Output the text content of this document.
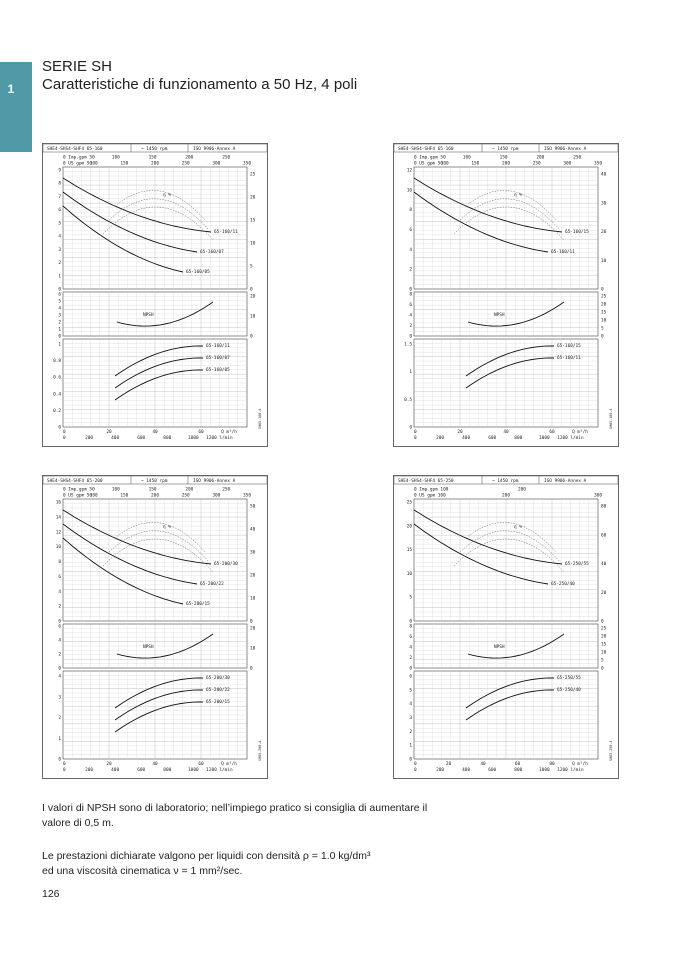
1
SERIE SH
Caratteristiche di funzionamento a 50 Hz, 4 poli
SHE4-SHS4-SHF4 65-160	~ 1450 rpm	ISO 9906-Annex A
0 Imp.gpm 50	100	150	200	250
0 US gpm 50
100	150	200	250	300	350
9
8
7
6
5
4
3
2
1
0
25
20
15
10
5
0
6
5
4
3
2
1
0
20
10
0
1
0.8
0.6
0.4
0.2
0
0	20	40	60	Q m³/h
0	200	400	600	800	1000 1200 l/min
SH65-160-4
65-160/11
65-160/07
65-160/05
η %
NPSH
65-160/11
65-160/07
65-160/05
SHE4-SHS4-SHF4 65-160	~ 1450 rpm	ISO 9906-Annex A
0 Imp.gpm 50	100	150	200	250
0 US gpm 50
100	150	200	250	300	350
12
10
8
6
4
2
0
40
30
20
10
0
8
6
4
2
0
25
20
15
10
5
0
1.5
1
0.5
0
0	20	40	60	Q m³/h
0	200	400	600	800	1000 1200 l/min
SH65-160-4
65-160/15
65-160/11
η %
NPSH
65-160/15
65-160/11
SHE4-SHS4-SHF4 65-200	~ 1450 rpm	ISO 9906-Annex A
0 Imp.gpm 50	100	150	200	250
0 US gpm 50
100	150	200	250	300	350
16
14
12
10
8
6
4
2
0
50
40
30
20
10
0
6
4
2
0
20
10
0
4
3
2
1
0
0	20	40	60	Q m³/h
0	200	400	600	800	1000 1200 l/min
SH65-200-4
65-200/30
65-200/22
65-200/15
η %
NPSH
65-200/30
65-200/22
65-200/15
SHE4-SHS4-SHF4 65-250	~ 1450 rpm	ISO 9906-Annex A
0 Imp.gpm 100	200
0 US gpm 100	200	300
25
20
15
10
5
0
80
60
40
20
0
8
6
4
2
0
25
20
15
10
5
0
6
5
4
3
2
1
0
0	20	40	60	80	Q m³/h
0	200	400	600	800	1000 1200 l/min
SH65-250-4
65-250/55
65-250/40
η %
NPSH
65-250/55
65-250/40
I valori di NPSH sono di laboratorio; nell’impiego pratico si consiglia di aumentare il
valore di 0,5 m.
Le prestazioni dichiarate valgono per liquidi con densità ρ = 1.0 kg/dm³
ed una viscosità cinematica ν = 1 mm²/sec.
126
